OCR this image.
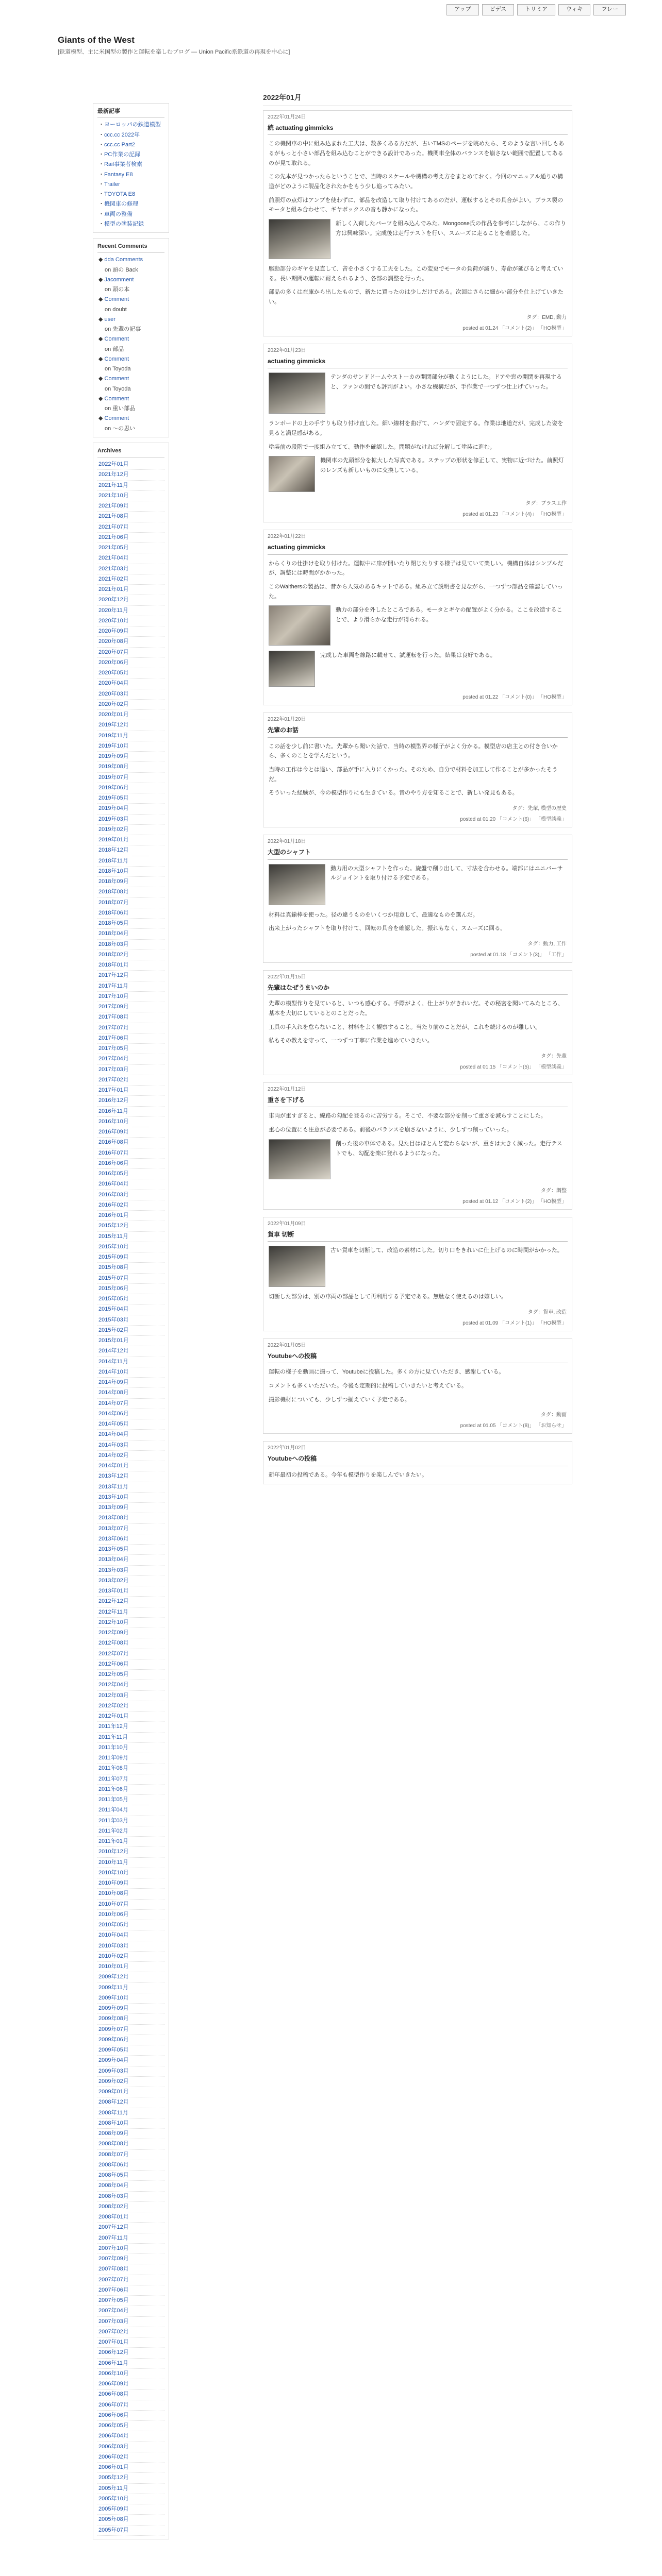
アップ	ビデス	トリミア	ウィキ	フレー
Giants of the West
[鉄道模型、主に米国型の製作と運転を楽しむブログ — Union Pacific系鉄道の再現を中心に]
最新記事
・ヨーロッパの鉄道模型
・ccc.cc 2022年
・ccc.cc Part2
・PC作業の記録
・Rail事業者検索
・Fantasy E8
・Trailer
・TOYOTA E8
・機関車の修理
・車両の整備
・模型の塗装記録
Recent Comments
◆ dda Comments
on 頭の Back
◆ Jacomment
on 頭の本
◆ Comment
on doubt
◆ user
on 先輩の記事
◆ Comment
on 部品
◆ Comment
on Toyoda
◆ Comment
on Toyoda
◆ Comment
on 重い部品
◆ Comment
on 〜の思い
Archives
2022年01月
2021年12月
2021年11月
2021年10月
2021年09月
2021年08月
2021年07月
2021年06月
2021年05月
2021年04月
2021年03月
2021年02月
2021年01月
2020年12月
2020年11月
2020年10月
2020年09月
2020年08月
2020年07月
2020年06月
2020年05月
2020年04月
2020年03月
2020年02月
2020年01月
2019年12月
2019年11月
2019年10月
2019年09月
2019年08月
2019年07月
2019年06月
2019年05月
2019年04月
2019年03月
2019年02月
2019年01月
2018年12月
2018年11月
2018年10月
2018年09月
2018年08月
2018年07月
2018年06月
2018年05月
2018年04月
2018年03月
2018年02月
2018年01月
2017年12月
2017年11月
2017年10月
2017年09月
2017年08月
2017年07月
2017年06月
2017年05月
2017年04月
2017年03月
2017年02月
2017年01月
2016年12月
2016年11月
2016年10月
2016年09月
2016年08月
2016年07月
2016年06月
2016年05月
2016年04月
2016年03月
2016年02月
2016年01月
2015年12月
2015年11月
2015年10月
2015年09月
2015年08月
2015年07月
2015年06月
2015年05月
2015年04月
2015年03月
2015年02月
2015年01月
2014年12月
2014年11月
2014年10月
2014年09月
2014年08月
2014年07月
2014年06月
2014年05月
2014年04月
2014年03月
2014年02月
2014年01月
2013年12月
2013年11月
2013年10月
2013年09月
2013年08月
2013年07月
2013年06月
2013年05月
2013年04月
2013年03月
2013年02月
2013年01月
2012年12月
2012年11月
2012年10月
2012年09月
2012年08月
2012年07月
2012年06月
2012年05月
2012年04月
2012年03月
2012年02月
2012年01月
2011年12月
2011年11月
2011年10月
2011年09月
2011年08月
2011年07月
2011年06月
2011年05月
2011年04月
2011年03月
2011年02月
2011年01月
2010年12月
2010年11月
2010年10月
2010年09月
2010年08月
2010年07月
2010年06月
2010年05月
2010年04月
2010年03月
2010年02月
2010年01月
2009年12月
2009年11月
2009年10月
2009年09月
2009年08月
2009年07月
2009年06月
2009年05月
2009年04月
2009年03月
2009年02月
2009年01月
2008年12月
2008年11月
2008年10月
2008年09月
2008年08月
2008年07月
2008年06月
2008年05月
2008年04月
2008年03月
2008年02月
2008年01月
2007年12月
2007年11月
2007年10月
2007年09月
2007年08月
2007年07月
2007年06月
2007年05月
2007年04月
2007年03月
2007年02月
2007年01月
2006年12月
2006年11月
2006年10月
2006年09月
2006年08月
2006年07月
2006年06月
2006年05月
2006年04月
2006年03月
2006年02月
2006年01月
2005年12月
2005年11月
2005年10月
2005年09月
2005年08月
2005年07月
2022年01月
2022年01月24日
続 actuating gimmicks

この機関車の中に組み込まれた工夫は、数多くある方だが、古いTMSのページを眺めたら、そのような言い回しもあるがもっと小さい部品を組み込むことができる設計であった。機関車全体のバランスを崩さない範囲で配置してあるのが見て取れる。

この先本が見つかったらということで、当時のスケールや機構の考え方をまとめておく。今回のマニュアル通りの構造がどのように製品化されたかをもう少し追ってみたい。

前照灯の点灯はアンプを使わずに、部品を改造して取り付けてあるのだが、運転するとその具合がよい。ブラス製のモータと組み合わせて、ギヤボックスの音も静かになった。

新しく入荷したパーツを組み込んでみた。Mongoose氏の作品を参考にしながら、この作り方は興味深い。完成後は走行テストを行い、スムーズに走ることを確認した。

駆動部分のギヤを見直して、音を小さくする工夫をした。この変更でモータの負荷が減り、寿命が延びると考えている。長い期間の運転に耐えられるよう、各部の調整を行った。

部品の多くは在庫から出したもので、新たに買ったのは少しだけである。次回はさらに細かい部分を仕上げていきたい。

タグ：EMD, 動力
posted at 01.24 「コメント(2)」 「HO模型」
2022年01月23日
actuating gimmicks
テンダのサンドドームやストーカの開閉部分が動くようにした。ドアや窓の開閉を再現すると、ファンの間でも評判がよい。小さな機構だが、手作業で一つずつ仕上げていった。

ランボードの上の手すりも取り付け直した。細い線材を曲げて、ハンダで固定する。作業は地道だが、完成した姿を見ると満足感がある。

塗装前の段階で一度組み立てて、動作を確認した。問題がなければ分解して塗装に進む。

機関車の先頭部分を拡大した写真である。ステップの形状を修正して、実物に近づけた。前照灯のレンズも新しいものに交換している。
タグ：ブラス工作
posted at 01.23 「コメント(4)」 「HO模型」
2022年01月22日
actuating gimmicks

からくりの仕掛けを取り付けた。運転中に扉が開いたり閉じたりする様子は見ていて楽しい。機構自体はシンプルだが、調整には時間がかかった。

このWalthersの製品は、昔から人気のあるキットである。組み立て説明書を見ながら、一つずつ部品を確認していった。

動力の部分を外したところである。モータとギヤの配置がよく分かる。ここを改造することで、より滑らかな走行が得られる。
完成した車両を線路に載せて、試運転を行った。結果は良好である。
posted at 01.22 「コメント(0)」 「HO模型」
2022年01月20日
先輩のお話

この話を少し前に書いた。先輩から聞いた話で、当時の模型界の様子がよく分かる。模型店の店主との付き合いから、多くのことを学んだという。

当時の工作は今とは違い、部品が手に入りにくかった。そのため、自分で材料を加工して作ることが多かったそうだ。

そういった経験が、今の模型作りにも生きている。昔のやり方を知ることで、新しい発見もある。

タグ：先輩, 模型の歴史
posted at 01.20 「コメント(6)」 「模型談義」
2022年01月18日
大型のシャフト
動力用の大型シャフトを作った。旋盤で削り出して、寸法を合わせる。端部にはユニバーサルジョイントを取り付ける予定である。

材料は真鍮棒を使った。径の違うものをいくつか用意して、最適なものを選んだ。

出来上がったシャフトを取り付けて、回転の具合を確認した。振れもなく、スムーズに回る。

タグ：動力, 工作
posted at 01.18 「コメント(3)」 「工作」
2022年01月15日
先輩はなぜうまいのか

先輩の模型作りを見ていると、いつも感心する。手際がよく、仕上がりがきれいだ。その秘密を聞いてみたところ、基本を大切にしているとのことだった。

工具の手入れを怠らないこと、材料をよく観察すること。当たり前のことだが、これを続けるのが難しい。

私もその教えを守って、一つずつ丁寧に作業を進めていきたい。

タグ：先輩
posted at 01.15 「コメント(5)」 「模型談義」
2022年01月12日
重さを下げる

車両が重すぎると、線路の勾配を登るのに苦労する。そこで、不要な部分を削って重さを減らすことにした。

重心の位置にも注意が必要である。前後のバランスを崩さないように、少しずつ削っていった。

削った後の車体である。見た目はほとんど変わらないが、重さは大きく減った。走行テストでも、勾配を楽に登れるようになった。
タグ：調整
posted at 01.12 「コメント(2)」 「HO模型」
2022年01月09日
貨車 切断
古い貨車を切断して、改造の素材にした。切り口をきれいに仕上げるのに時間がかかった。

切断した部分は、別の車両の部品として再利用する予定である。無駄なく使えるのは嬉しい。

タグ：貨車, 改造
posted at 01.09 「コメント(1)」 「HO模型」
2022年01月05日
Youtubeへの投稿

運転の様子を動画に撮って、Youtubeに投稿した。多くの方に見ていただき、感謝している。

コメントも多くいただいた。今後も定期的に投稿していきたいと考えている。

撮影機材についても、少しずつ揃えていく予定である。

タグ：動画
posted at 01.05 「コメント(8)」 「お知らせ」
2022年01月02日
Youtubeへの投稿

新年最初の投稿である。今年も模型作りを楽しんでいきたい。
